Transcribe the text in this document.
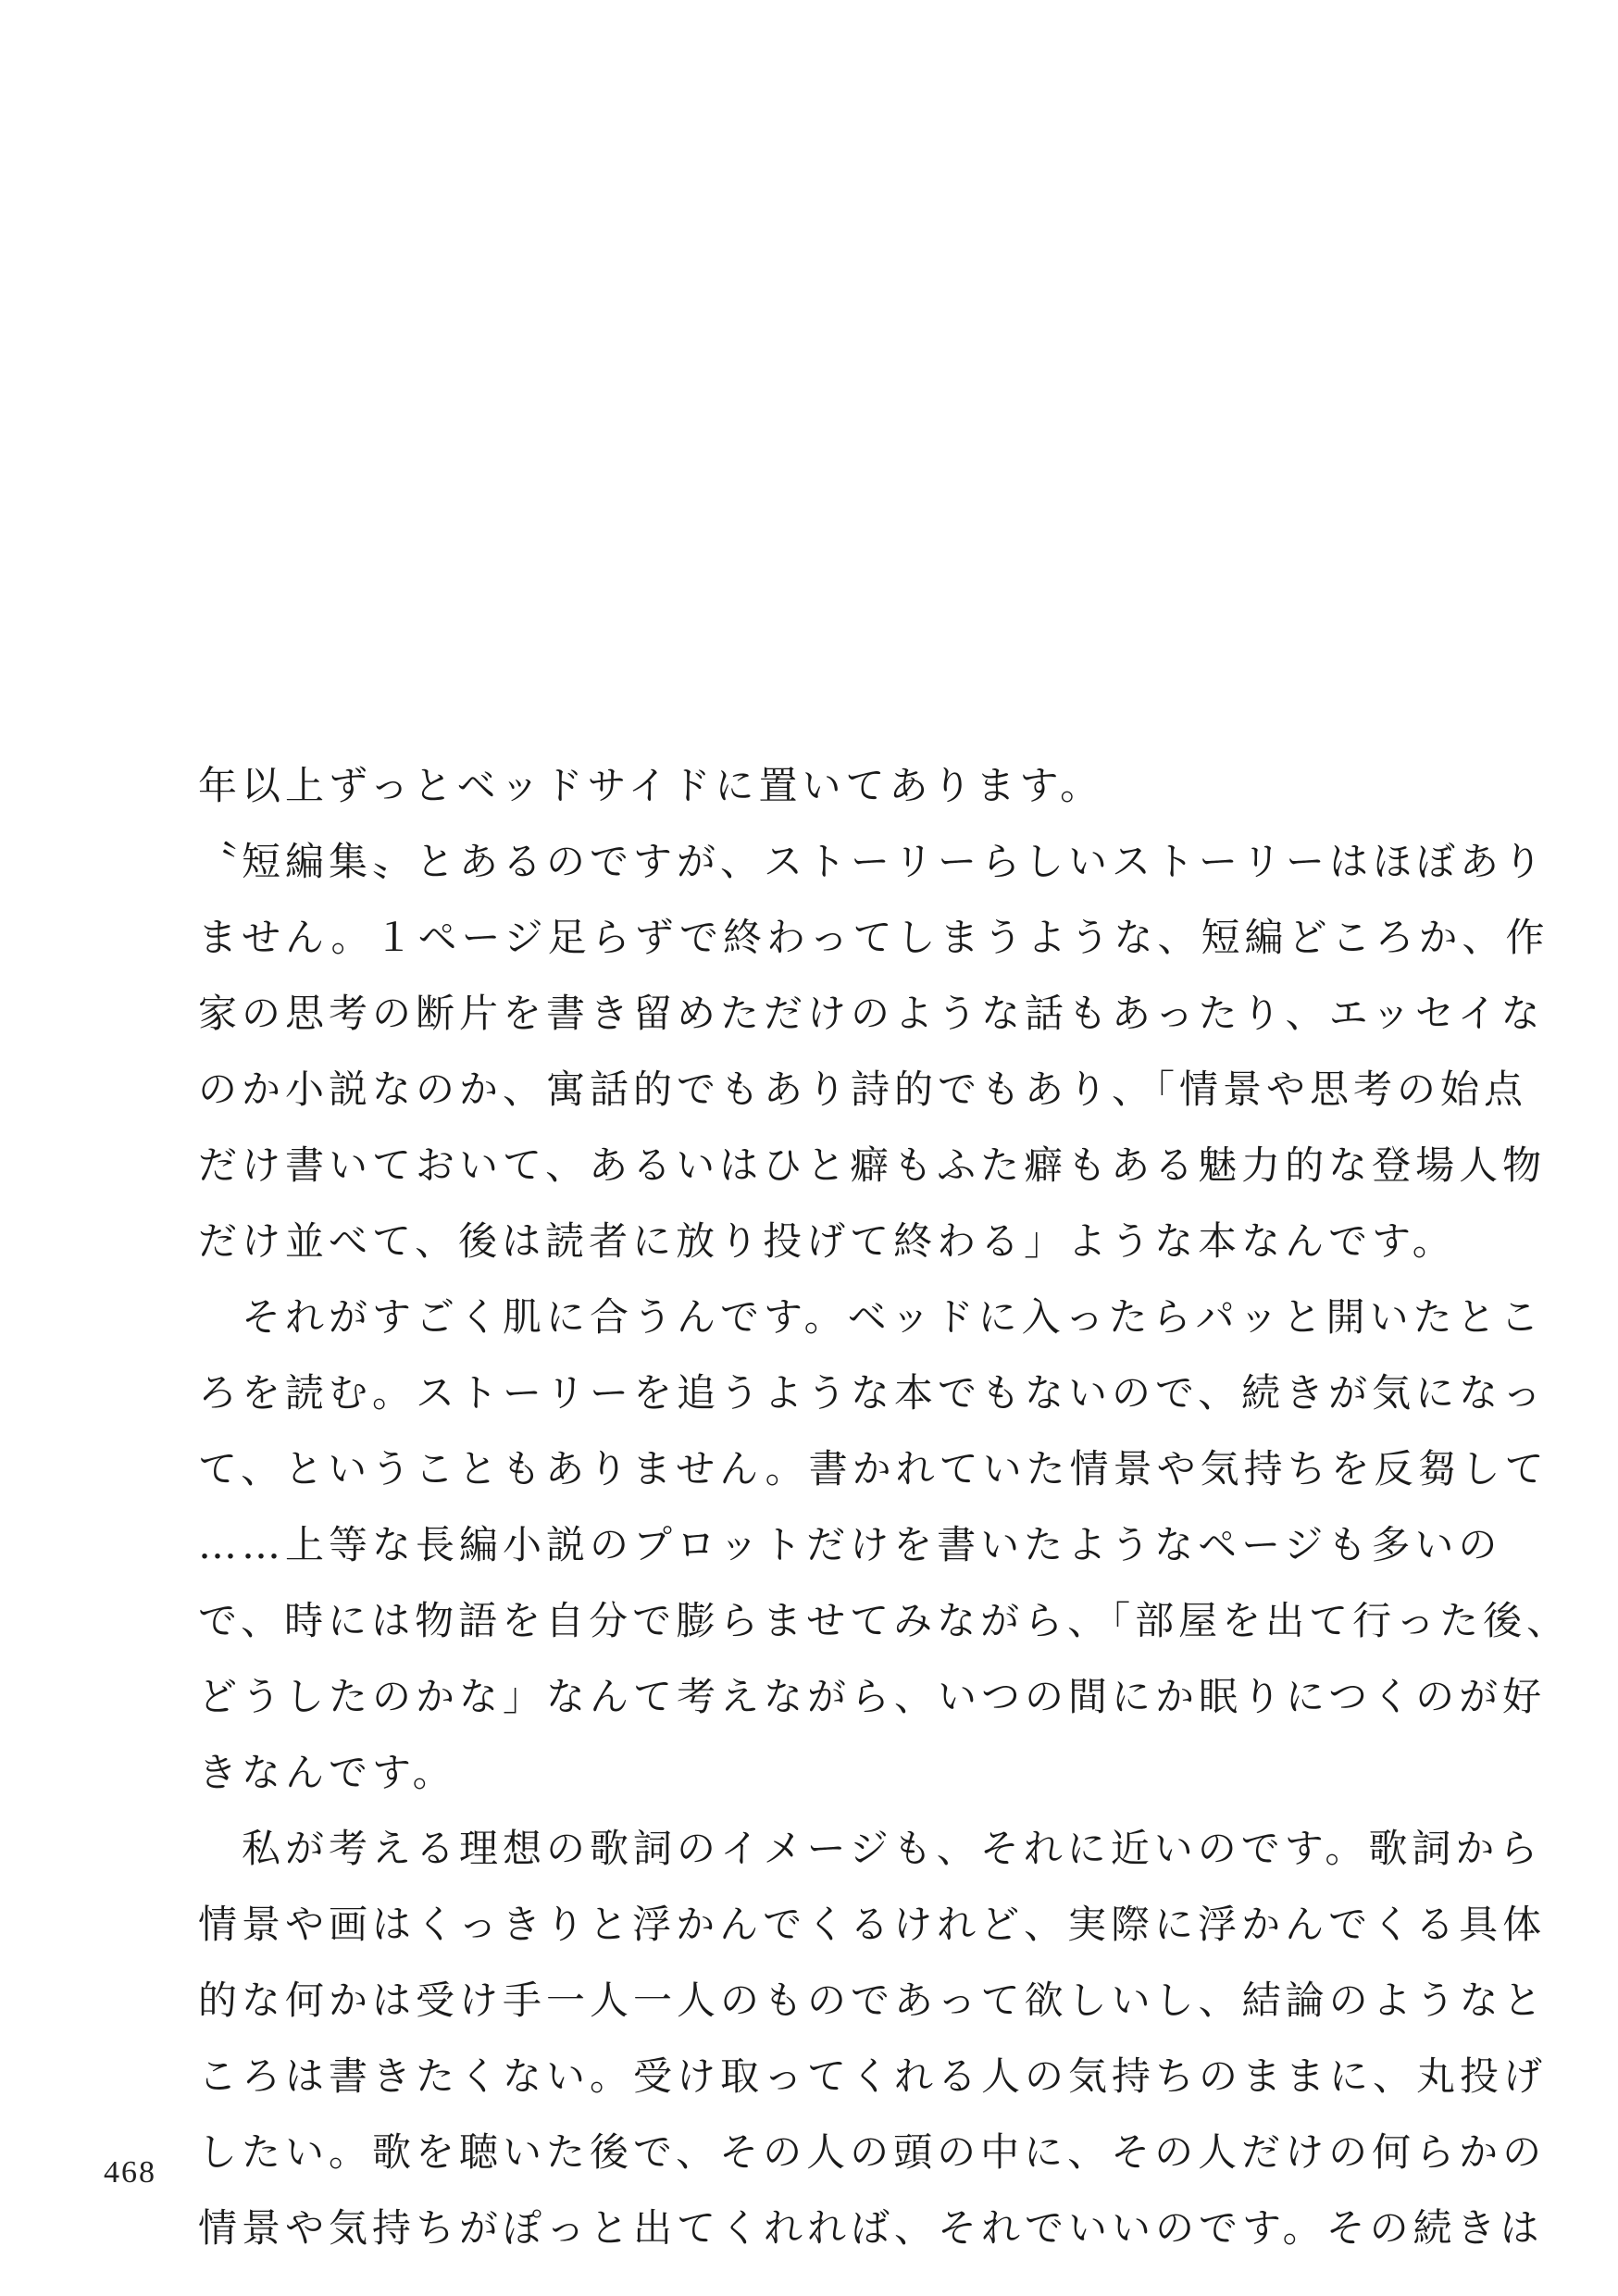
年以上ずっとベッドサイドに置いてあります。
〝短編集〟とあるのですが、ストーリーらしいストーリーはほぼあり
ません。１ページ足らずで終わってしまうような、短編どころか、作
家の思考の断片を書き留めただけのような話もあったり、エッセイな
のか小説なのか、寓話的でもあり詩的でもあり、「情景や思考の始点
だけ書いておいて、あるいはひと癖もふた癖もある魅力的な登場人物
だけ並べて、後は読者に放り投げて終わる」ような本なんです。
　それがすごく肌に合うんです。ベッドに入ったらパッと開いたとこ
ろを読む。ストーリーを追うような本でもないので、続きが気になっ
て、ということもありません。書かれていた情景や気持ちを反芻して
……上等な長編小説のプロットだけを書いたようなページも多いの
で、時には物語を自分で膨らませてみながら、「部屋を出て行った後、
どうしたのかな」なんて考えながら、いつの間にか眠りにつくのが好
きなんです。
　私が考える理想の歌詞のイメージも、それに近いのです。歌詞から
情景や画はくっきりと浮かんでくるけれど、実際に浮かんでくる具体
的な何かは受け手一人一人のものであって欲しいし、結論のようなと
ころは書きたくない。受け取ってくれる人の気持ちのままに、丸投げ
したい。歌を聴いた後で、その人の頭の中に、その人だけの何らかの
情景や気持ちがぽっと出てくれれば、それでいいのです。その続きは
468
